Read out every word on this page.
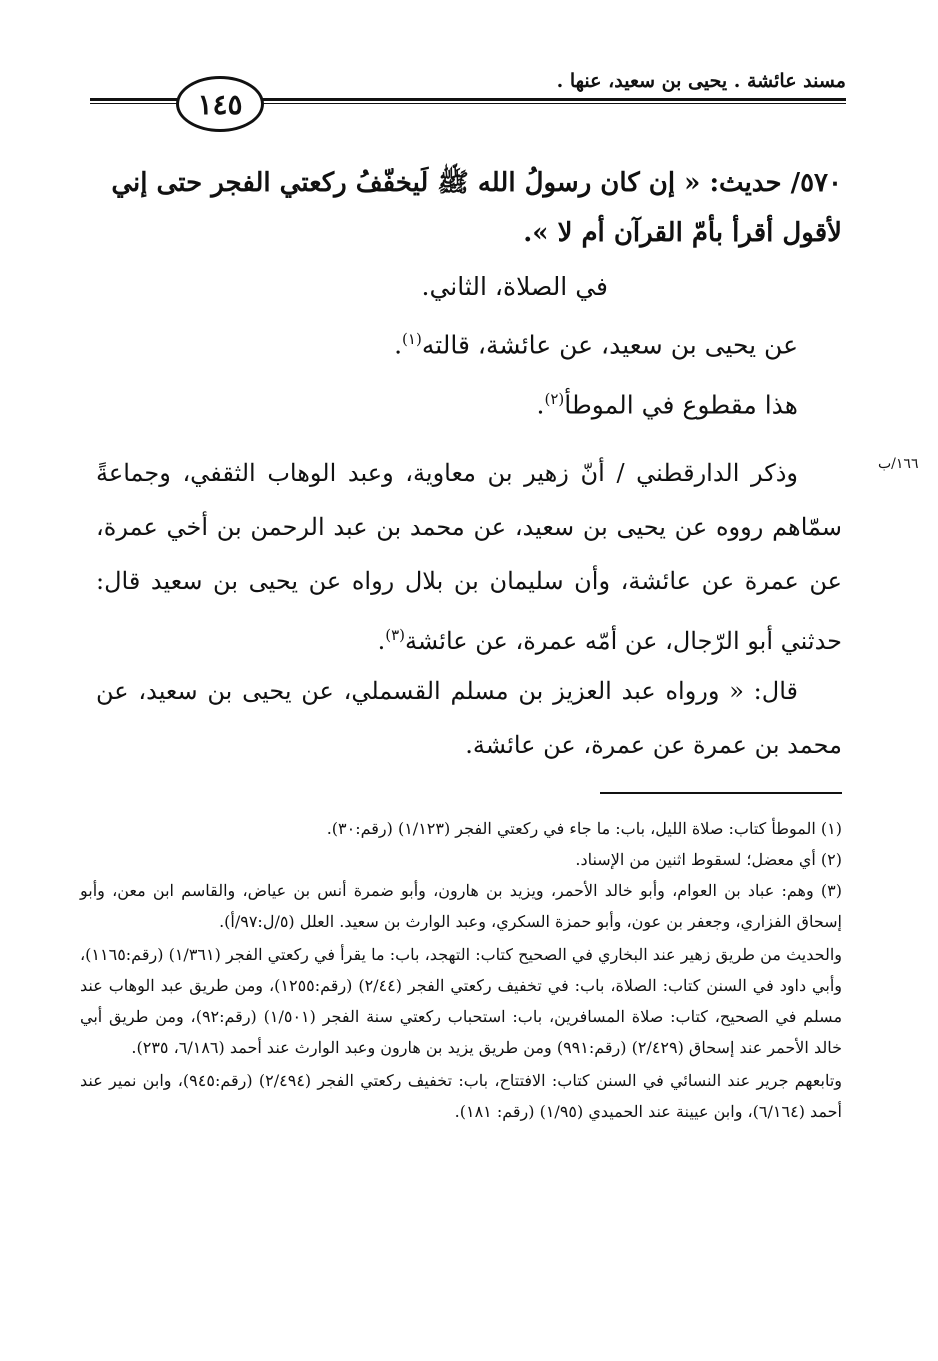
مسند عائشة . يحيى بن سعيد، عنها .
١٤٥
٥٧٠/ حديث: « إن كان رسولُ الله ﷺ لَيخفّفُ ركعتي الفجر حتى إني لأقول أقرأ بأمّ القرآن أم لا ».
في الصلاة، الثاني.
عن يحيى بن سعيد، عن عائشة، قالته$^{(١)}$.
هذا مقطوع في الموطأ$^{(٢)}$.
وذكر الدارقطني / أنّ زهير بن معاوية، وعبد الوهاب الثقفي، وجماعةً سمّاهم رووه عن يحيى بن سعيد، عن محمد بن عبد الرحمن بن أخي عمرة، عن عمرة عن عائشة، وأن سليمان بن بلال رواه عن يحيى بن سعيد قال: حدثني أبو الرّجال، عن أمّه عمرة، عن عائشة$^{(٣)}$.
١٦٦/ب
قال: « ورواه عبد العزيز بن مسلم القسملي، عن يحيى بن سعيد، عن محمد بن عمرة عن عمرة، عن عائشة.
(١) الموطأ كتاب: صلاة الليل، باب: ما جاء في ركعتي الفجر (١/١٢٣) (رقم:٣٠).
(٢) أي معضل؛ لسقوط اثنين من الإسناد.
(٣) وهم: عباد بن العوام، وأبو خالد الأحمر، ويزيد بن هارون، وأبو ضمرة أنس بن عياض، والقاسم ابن معن، وأبو إسحاق الفزاري، وجعفر بن عون، وأبو حمزة السكري، وعبد الوارث بن سعيد. العلل (٥/ل:٩٧/أ).
والحديث من طريق زهير عند البخاري في الصحيح كتاب: التهجد، باب: ما يقرأ في ركعتي الفجر (١/٣٦١) (رقم:١١٦٥)، وأبي داود في السنن كتاب: الصلاة، باب: في تخفيف ركعتي الفجر (٢/٤٤) (رقم:١٢٥٥)، ومن طريق عبد الوهاب عند مسلم في الصحيح، كتاب: صلاة المسافرين، باب: استحباب ركعتي سنة الفجر (١/٥٠١) (رقم:٩٢)، ومن طريق أبي خالد الأحمر عند إسحاق (٢/٤٢٩) (رقم:٩٩١) ومن طريق يزيد بن هارون وعبد الوارث عند أحمد (٦/١٨٦، ٢٣٥).
وتابعهم جرير عند النسائي في السنن كتاب: الافتتاح، باب: تخفيف ركعتي الفجر (٢/٤٩٤) (رقم:٩٤٥)، وابن نمير عند أحمد (٦/١٦٤)، وابن عيينة عند الحميدي (١/٩٥) (رقم: ١٨١).
